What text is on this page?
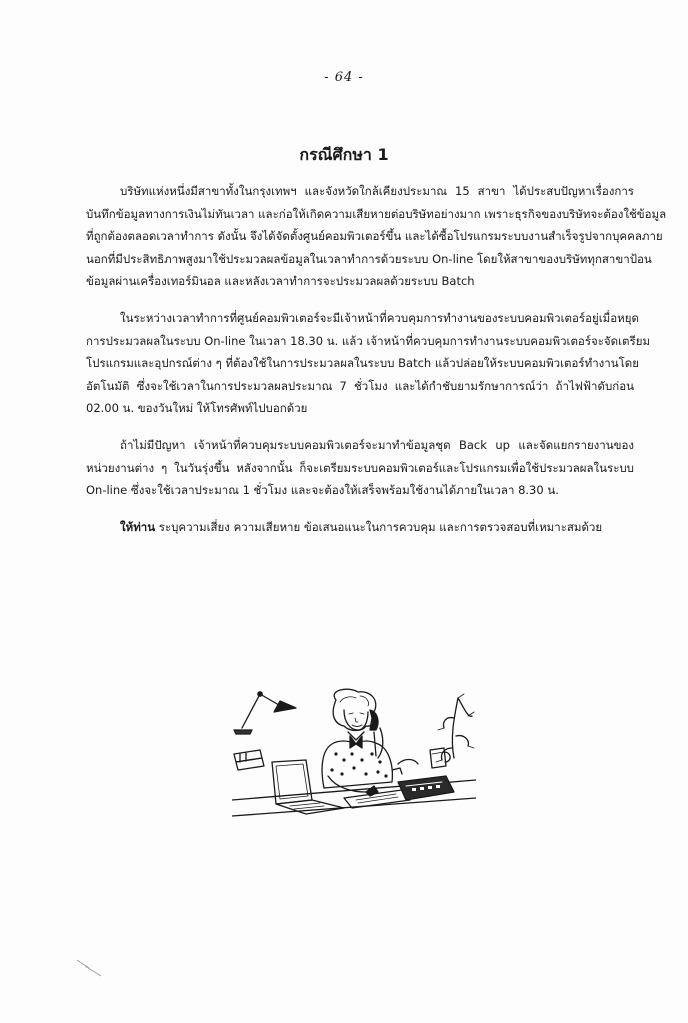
- 64 -
กรณีศึกษา 1
บริษัทแห่งหนึ่งมีสาขาทั้งในกรุงเทพฯ และจังหวัดใกล้เคียงประมาณ 15 สาขา ได้ประสบปัญหาเรื่องการ
บันทึกข้อมูลทางการเงินไม่ทันเวลา และก่อให้เกิดความเสียหายต่อบริษัทอย่างมาก เพราะธุรกิจของบริษัทจะต้องใช้ข้อมูล
ที่ถูกต้องตลอดเวลาทำการ ดังนั้น จึงได้จัดตั้งศูนย์คอมพิวเตอร์ขึ้น และได้ซื้อโปรแกรมระบบงานสำเร็จรูปจากบุคคลภาย
นอกที่มีประสิทธิภาพสูงมาใช้ประมวลผลข้อมูลในเวลาทำการด้วยระบบ On-line โดยให้สาขาของบริษัททุกสาขาป้อน
ข้อมูลผ่านเครื่องเทอร์มินอล และหลังเวลาทำการจะประมวลผลด้วยระบบ Batch
ในระหว่างเวลาทำการที่ศูนย์คอมพิวเตอร์จะมีเจ้าหน้าที่ควบคุมการทำงานของระบบคอมพิวเตอร์อยู่เมื่อหยุด
การประมวลผลในระบบ On-line ในเวลา 18.30 น. แล้ว เจ้าหน้าที่ควบคุมการทำงานระบบคอมพิวเตอร์จะจัดเตรียม
โปรแกรมและอุปกรณ์ต่าง ๆ ที่ต้องใช้ในการประมวลผลในระบบ Batch แล้วปล่อยให้ระบบคอมพิวเตอร์ทำงานโดย
อัตโนมัติ ซึ่งจะใช้เวลาในการประมวลผลประมาณ 7 ชั่วโมง และได้กำชับยามรักษาการณ์ว่า ถ้าไฟฟ้าดับก่อน
02.00 น. ของวันใหม่ ให้โทรศัพท์ไปบอกด้วย
ถ้าไม่มีปัญหา เจ้าหน้าที่ควบคุมระบบคอมพิวเตอร์จะมาทำข้อมูลชุด Back up และจัดแยกรายงานของ
หน่วยงานต่าง ๆ ในวันรุ่งขึ้น หลังจากนั้น ก็จะเตรียมระบบคอมพิวเตอร์และโปรแกรมเพื่อใช้ประมวลผลในระบบ
On-line ซึ่งจะใช้เวลาประมาณ 1 ชั่วโมง และจะต้องให้เสร็จพร้อมใช้งานได้ภายในเวลา 8.30 น.
ให้ท่าน ระบุความเสี่ยง ความเสียหาย ข้อเสนอแนะในการควบคุม และการตรวจสอบที่เหมาะสมด้วย
